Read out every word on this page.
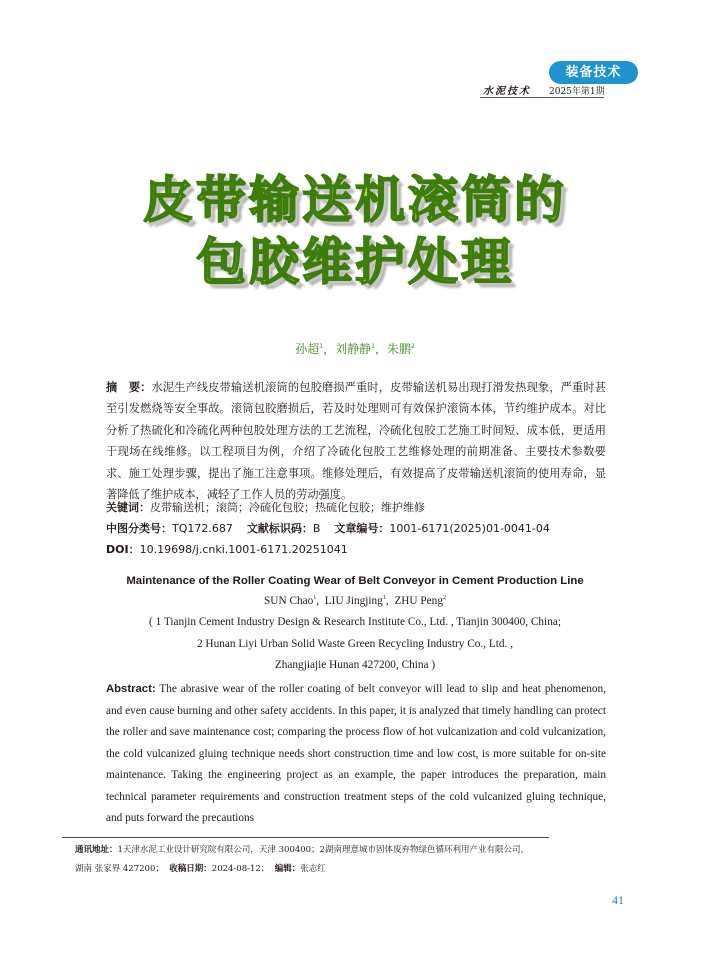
装备技术
水泥技术 2025年第1期
皮带输送机滚筒的
包胶维护处理
孙超$^1$，刘静静$^1$，朱鹏$^2$
摘　要：水泥生产线皮带输送机滚筒的包胶磨损严重时，皮带输送机易出现打滑发热现象，严重时甚至引发燃烧等安全事故。滚筒包胶磨损后，若及时处理则可有效保护滚筒本体，节约维护成本。对比分析了热硫化和冷硫化两种包胶处理方法的工艺流程，冷硫化包胶工艺施工时间短、成本低，更适用于现场在线维修。以工程项目为例，介绍了冷硫化包胶工艺维修处理的前期准备、主要技术参数要求、施工处理步骤，提出了施工注意事项。维修处理后，有效提高了皮带输送机滚筒的使用寿命，显著降低了维护成本，减轻了工作人员的劳动强度。
关键词：皮带输送机；滚筒；冷硫化包胶；热硫化包胶；维护维修
中图分类号：TQ172.687 文献标识码：B 文章编号：1001-6171(2025)01-0041-04
DOI：10.19698/j.cnki.1001-6171.20251041
Maintenance of the Roller Coating Wear of Belt Conveyor in Cement Production Line
SUN Chao$^1$,  LIU Jingjing$^1$,  ZHU Peng$^2$
( 1 Tianjin Cement Industry Design & Research Institute Co., Ltd. , Tianjin 300400, China;
2 Hunan Liyi Urban Solid Waste Green Recycling Industry Co., Ltd. ,
Zhangjiajie Hunan 427200, China )
Abstract: The abrasive wear of the roller coating of belt conveyor will lead to slip and heat phenomenon, and even cause burning and other safety accidents. In this paper, it is analyzed that timely handling can protect the roller and save maintenance cost; comparing the process flow of hot vulcanization and cold vulcanization, the cold vulcanized gluing technique needs short construction time and low cost, is more suitable for on-site maintenance. Taking the engineering project as an example, the paper introduces the preparation, main technical parameter requirements and construction treatment steps of the cold vulcanized gluing technique, and puts forward the precautions
通讯地址：1天津水泥工业设计研究院有限公司，天津 300400；2湖南理意城市固体废弃物绿色循环利用产业有限公司，
湖南 张家界 427200； 收稿日期：2024-08-12； 编辑：张志红
41
